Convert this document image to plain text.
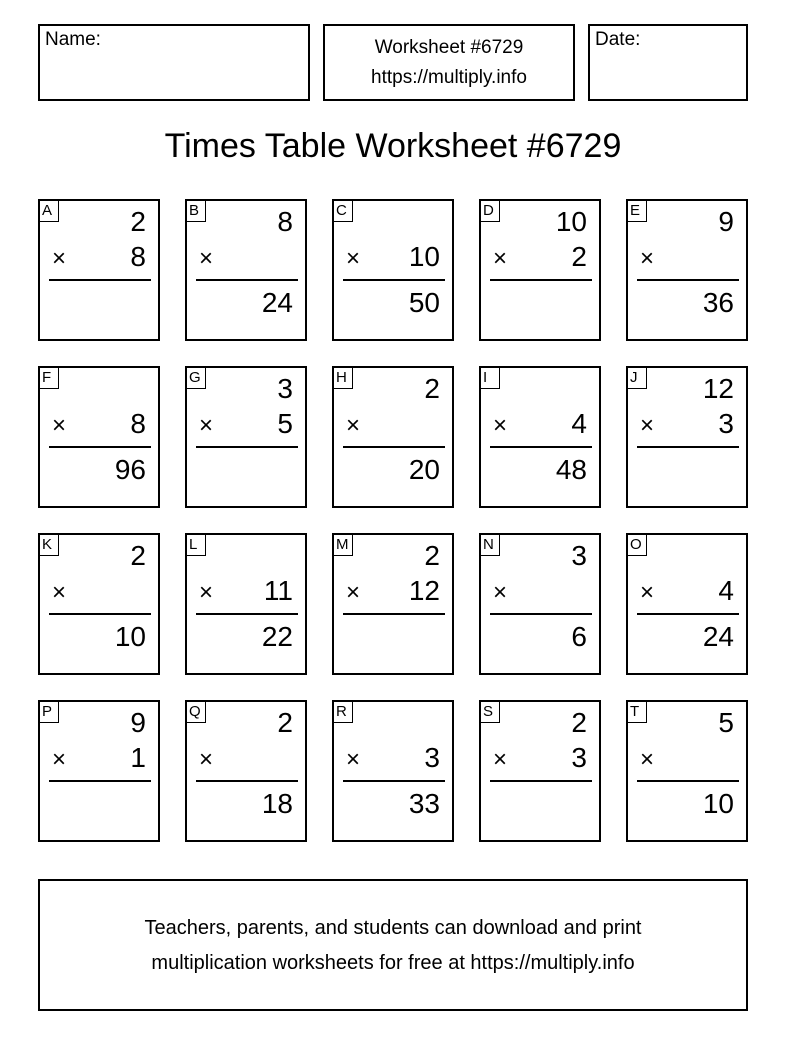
Name:	Worksheet #6729
https://multiply.info
Date:
Times Table Worksheet #6729
A	2
× 8
B	8
×
24
C
× 10
50
D 10
× 2
E	9
×
36
F
× 8
96
G	3
× 5
H	2
×
20
I
× 4
48
J	12
× 3
K	2
×
10
L
× 11
22
M	2
× 12
N	3
×
6
O
× 4
24
P	9
× 1
Q	2
×
18
R
× 3
33
S	2
× 3
T	5
×
10
Teachers, parents, and students can download and print
multiplication worksheets for free at https://multiply.info
